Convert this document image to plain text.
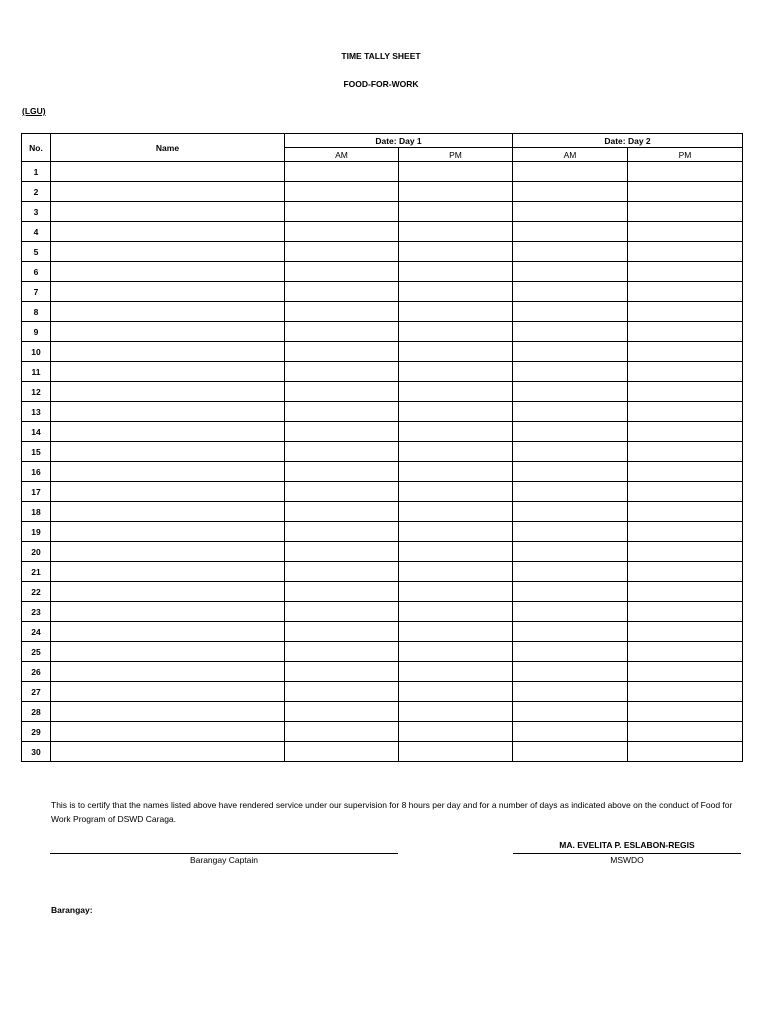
TIME TALLY SHEET
FOOD-FOR-WORK
(LGU)
No.	Name	Date: Day 1		Date: Day 2	
		AM	PM	AM	PM
1					
2					
3					
4					
5					
6					
7					
8					
9					
10					
11					
12					
13					
14					
15					
16					
17					
18					
19					
20					
21					
22					
23					
24					
25					
26					
27					
28					
29					
30					
This is to certify that the names listed above have rendered service under our supervision for 8 hours per day and for a number of days as indicated above on the conduct of Food for Work Program of DSWD Caraga.
Barangay Captain
MA. EVELITA P. ESLABON-REGIS
MSWDO
Barangay:
